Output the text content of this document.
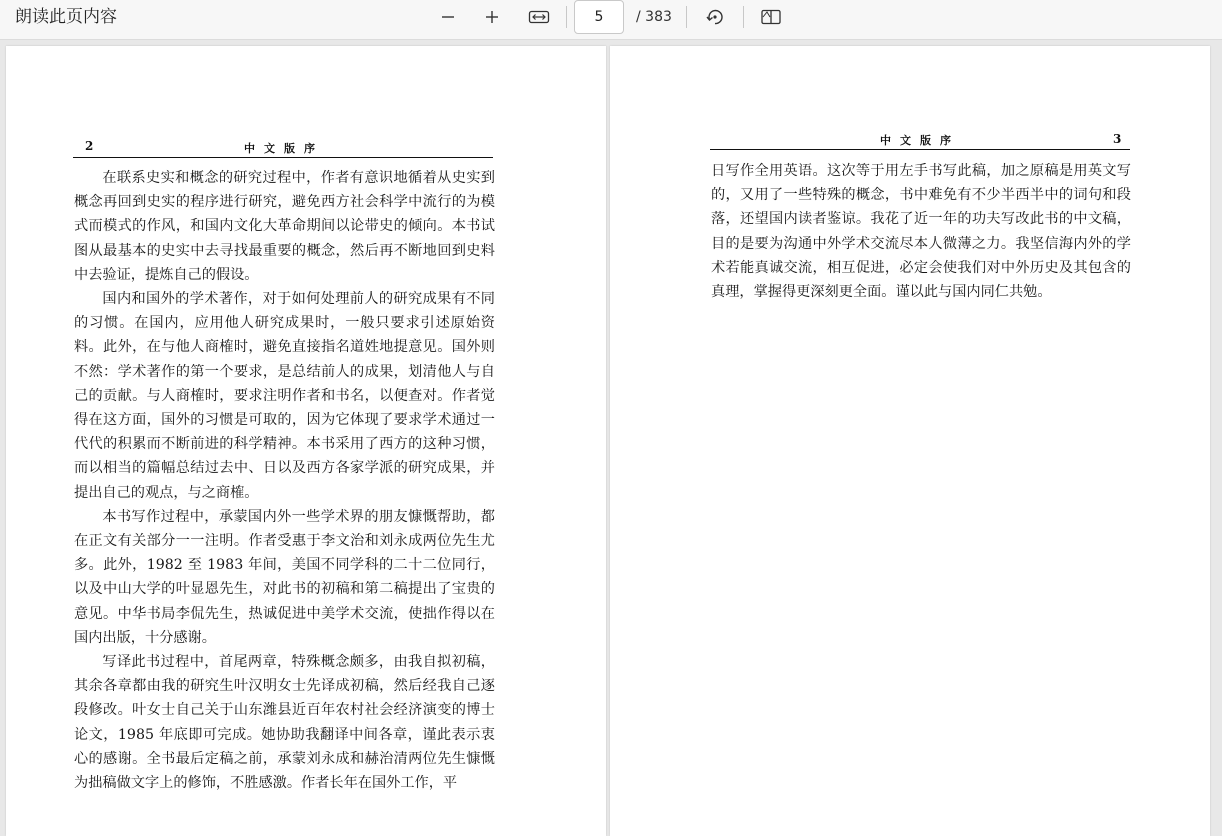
朗读此页内容
5	/ 383
2	中文版序

在联系史实和概念的研究过程中，作者有意识地循着从史实到概念再回到史实的程序进行研究，避免西方社会科学中流行的为模式而模式的作风，和国内文化大革命期间以论带史的倾向。本书试图从最基本的史实中去寻找最重要的概念，然后再不断地回到史料中去验证，提炼自己的假设。

国内和国外的学术著作，对于如何处理前人的研究成果有不同的习惯。在国内，应用他人研究成果时，一般只要求引述原始资料。此外，在与他人商榷时，避免直接指名道姓地提意见。国外则不然：学术著作的第一个要求，是总结前人的成果，划清他人与自己的贡献。与人商榷时，要求注明作者和书名，以便查对。作者觉得在这方面，国外的习惯是可取的，因为它体现了要求学术通过一代代的积累而不断前进的科学精神。本书采用了西方的这种习惯，而以相当的篇幅总结过去中、日以及西方各家学派的研究成果，并提出自己的观点，与之商榷。

本书写作过程中，承蒙国内外一些学术界的朋友慷慨帮助，都在正文有关部分一一注明。作者受惠于李文治和刘永成两位先生尤多。此外，1982 至 1983 年间，美国不同学科的二十二位同行，以及中山大学的叶显恩先生，对此书的初稿和第二稿提出了宝贵的意见。中华书局李侃先生，热诚促进中美学术交流，使拙作得以在国内出版，十分感谢。

写译此书过程中，首尾两章，特殊概念颇多，由我自拟初稿，其余各章都由我的研究生叶汉明女士先译成初稿，然后经我自己逐段修改。叶女士自己关于山东潍县近百年农村社会经济演变的博士论文，1985 年底即可完成。她协助我翻译中间各章，谨此表示衷心的感谢。全书最后定稿之前，承蒙刘永成和赫治清两位先生慷慨为拙稿做文字上的修饰，不胜感激。作者长年在国外工作，平

中文版序	3

日写作全用英语。这次等于用左手书写此稿，加之原稿是用英文写的，又用了一些特殊的概念，书中难免有不少半西半中的词句和段落，还望国内读者鉴谅。我花了近一年的功夫写改此书的中文稿，目的是要为沟通中外学术交流尽本人微薄之力。我坚信海内外的学术若能真诚交流，相互促进，必定会使我们对中外历史及其包含的真理，掌握得更深刻更全面。谨以此与国内同仁共勉。
